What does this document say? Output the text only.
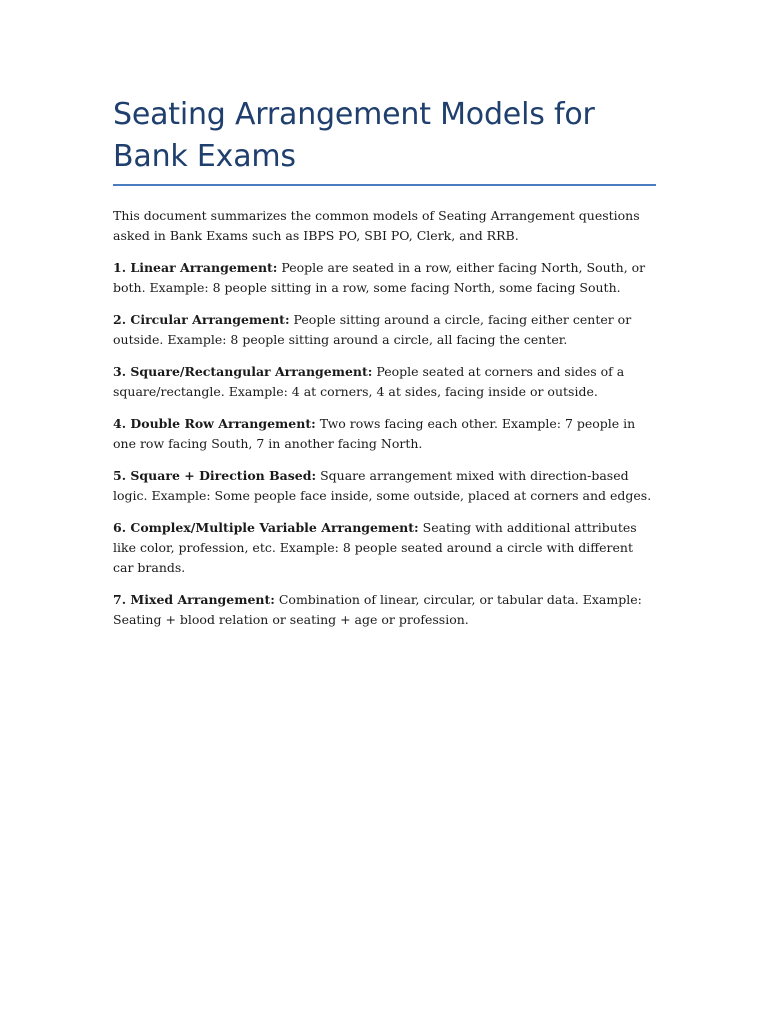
Seating Arrangement Models for Bank Exams

This document summarizes the common models of Seating Arrangement questions asked in Bank Exams such as IBPS PO, SBI PO, Clerk, and RRB.

1. Linear Arrangement: People are seated in a row, either facing North, South, or both. Example: 8 people sitting in a row, some facing North, some facing South.

2. Circular Arrangement: People sitting around a circle, facing either center or outside. Example: 8 people sitting around a circle, all facing the center.

3. Square/Rectangular Arrangement: People seated at corners and sides of a square/rectangle. Example: 4 at corners, 4 at sides, facing inside or outside.

4. Double Row Arrangement: Two rows facing each other. Example: 7 people in one row facing South, 7 in another facing North.

5. Square + Direction Based: Square arrangement mixed with direction-based logic. Example: Some people face inside, some outside, placed at corners and edges.

6. Complex/Multiple Variable Arrangement: Seating with additional attributes like color, profession, etc. Example: 8 people seated around a circle with different car brands.

7. Mixed Arrangement: Combination of linear, circular, or tabular data. Example: Seating + blood relation or seating + age or profession.
